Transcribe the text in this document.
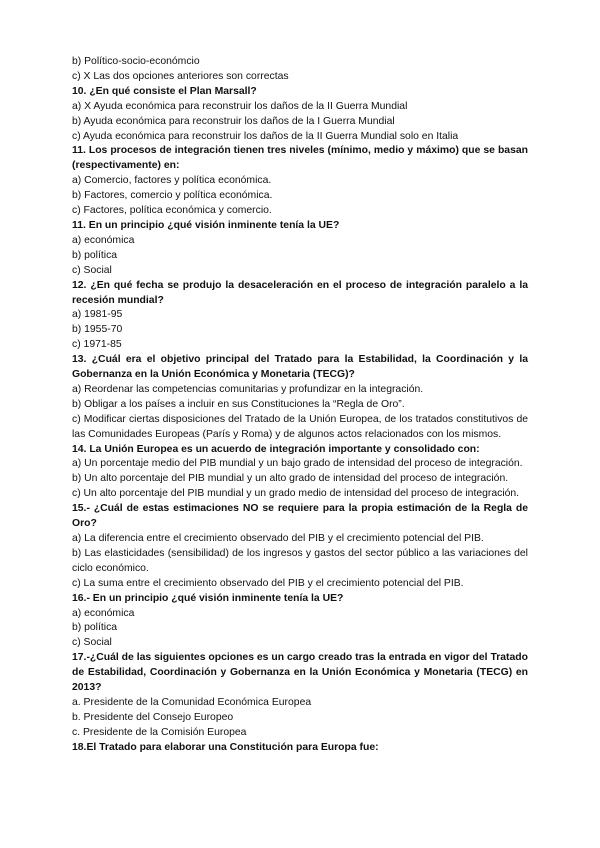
b) Político-socio-económcio
c) X Las dos opciones anteriores son correctas
10. ¿En qué consiste el Plan Marsall?
a) X Ayuda económica para reconstruir los daños de la II Guerra Mundial
b) Ayuda económica para reconstruir los daños de la I Guerra Mundial
c) Ayuda económica para reconstruir los daños de la II Guerra Mundial solo en Italia
11. Los procesos de integración tienen tres niveles (mínimo, medio y máximo) que se basan (respectivamente) en:
a) Comercio, factores y política económica.
b) Factores, comercio y política económica.
c) Factores, política económica y comercio.
11. En un principio ¿qué visión inminente tenía la UE?
a) económica
b) política
c) Social
12. ¿En qué fecha se produjo la desaceleración en el proceso de integración paralelo a la recesión mundial?
a) 1981-95
b) 1955-70
c) 1971-85
13. ¿Cuál era el objetivo principal del Tratado para la Estabilidad, la Coordinación y la Gobernanza en la Unión Económica y Monetaria (TECG)?
a) Reordenar las competencias comunitarias y profundizar en la integración.
b) Obligar a los países a incluir en sus Constituciones la “Regla de Oro”.
c) Modificar ciertas disposiciones del Tratado de la Unión Europea, de los tratados constitutivos de las Comunidades Europeas (París y Roma) y de algunos actos relacionados con los mismos.
14. La Unión Europea es un acuerdo de integración importante y consolidado con:
a) Un porcentaje medio del PIB mundial y un bajo grado de intensidad del proceso de integración.
b) Un alto porcentaje del PIB mundial y un alto grado de intensidad del proceso de integración.
c) Un alto porcentaje del PIB mundial y un grado medio de intensidad del proceso de integración.
15.- ¿Cuál de estas estimaciones NO se requiere para la propia estimación de la Regla de Oro?
a) La diferencia entre el crecimiento observado del PIB y el crecimiento potencial del PIB.
b) Las elasticidades (sensibilidad) de los ingresos y gastos del sector público a las variaciones del ciclo económico.
c) La suma entre el crecimiento observado del PIB y el crecimiento potencial del PIB.
16.- En un principio ¿qué visión inminente tenía la UE?
a) económica
b) política
c) Social
17.-¿Cuál de las siguientes opciones es un cargo creado tras la entrada en vigor del Tratado de Estabilidad, Coordinación y Gobernanza en la Unión Económica y Monetaria (TECG) en 2013?
a. Presidente de la Comunidad Económica Europea
b. Presidente del Consejo Europeo
c. Presidente de la Comisión Europea
18.El Tratado para elaborar una Constitución para Europa fue:
